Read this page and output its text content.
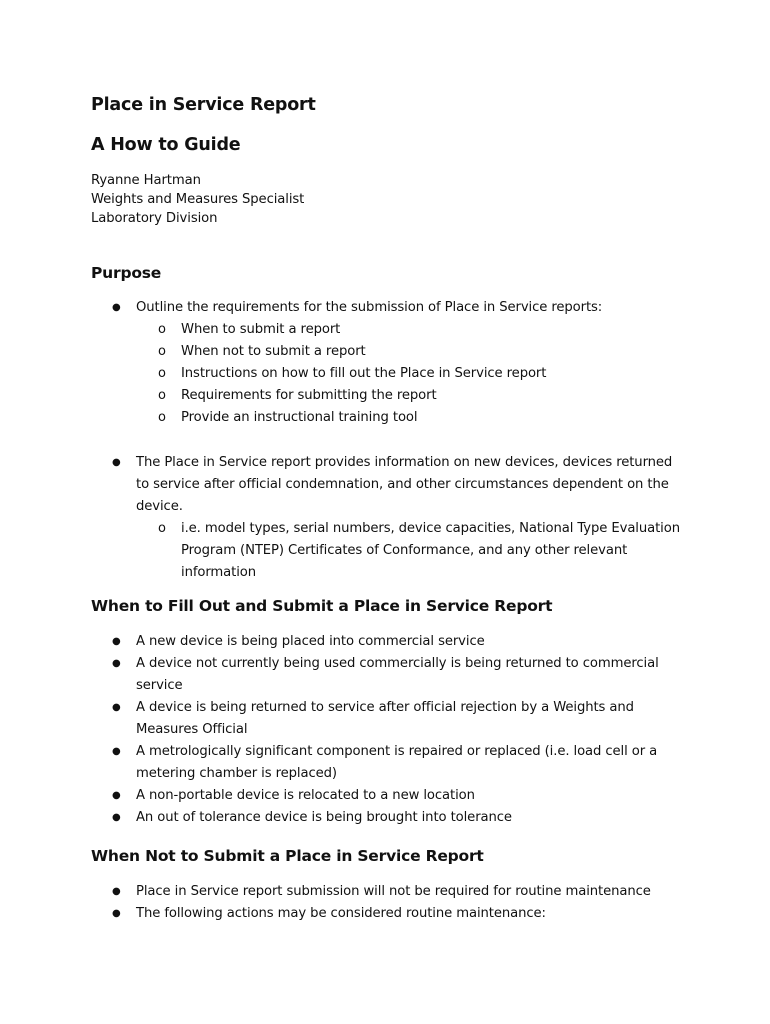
Place in Service Report
A How to Guide
Ryanne Hartman
Weights and Measures Specialist
Laboratory Division
Purpose
● Outline the requirements for the submission of Place in Service reports:
o When to submit a report
o When not to submit a report
o Instructions on how to fill out the Place in Service report
o Requirements for submitting the report
o Provide an instructional training tool
● The Place in Service report provides information on new devices, devices returned to service after official condemnation, and other circumstances dependent on the device.
o i.e. model types, serial numbers, device capacities, National Type Evaluation Program (NTEP) Certificates of Conformance, and any other relevant information
When to Fill Out and Submit a Place in Service Report
● A new device is being placed into commercial service
● A device not currently being used commercially is being returned to commercial service
● A device is being returned to service after official rejection by a Weights and Measures Official
● A metrologically significant component is repaired or replaced (i.e. load cell or a metering chamber is replaced)
● A non-portable device is relocated to a new location
● An out of tolerance device is being brought into tolerance
When Not to Submit a Place in Service Report
● Place in Service report submission will not be required for routine maintenance
● The following actions may be considered routine maintenance:
